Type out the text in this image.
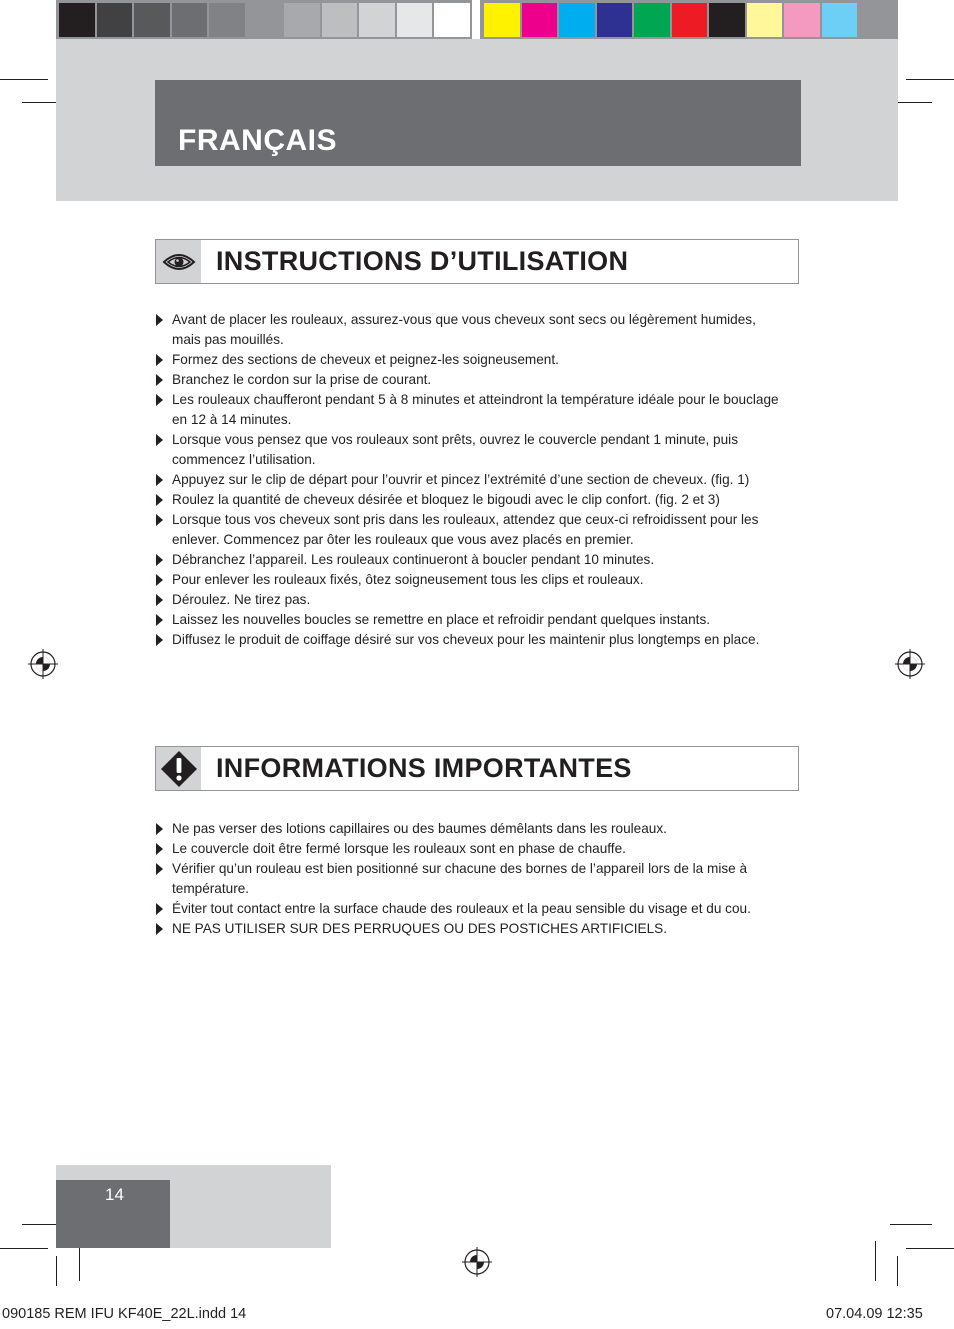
FRANÇAIS
INSTRUCTIONS D’UTILISATION
Avant de placer les rouleaux, assurez-vous que vous cheveux sont secs ou légèrement humides, mais pas mouillés.
Formez des sections de cheveux et peignez-les soigneusement.
Branchez le cordon sur la prise de courant.
Les rouleaux chaufferont pendant 5 à 8 minutes et atteindront la température idéale pour le bouclage en 12 à 14 minutes.
Lorsque vous pensez que vos rouleaux sont prêts, ouvrez le couvercle pendant 1 minute, puis commencez l’utilisation.
Appuyez sur le clip de départ pour l’ouvrir et pincez l’extrémité d’une section de cheveux. (fig. 1)
Roulez la quantité de cheveux désirée et bloquez le bigoudi avec le clip confort. (fig. 2 et 3)
Lorsque tous vos cheveux sont pris dans les rouleaux, attendez que ceux-ci refroidissent pour les enlever. Commencez par ôter les rouleaux que vous avez placés en premier.
Débranchez l’appareil. Les rouleaux continueront à boucler pendant 10 minutes.
Pour enlever les rouleaux fixés, ôtez soigneusement tous les clips et rouleaux.
Déroulez. Ne tirez pas.
Laissez les nouvelles boucles se remettre en place et refroidir pendant quelques instants.
Diffusez le produit de coiffage désiré sur vos cheveux pour les maintenir plus longtemps en place.
INFORMATIONS IMPORTANTES
Ne pas verser des lotions capillaires ou des baumes démêlants dans les rouleaux.
Le couvercle doit être fermé lorsque les rouleaux sont en phase de chauffe.
Vérifier qu’un rouleau est bien positionné sur chacune des bornes de l’appareil lors de la mise à température.
Éviter tout contact entre la surface chaude des rouleaux et la peau sensible du visage et du cou.
NE PAS UTILISER SUR DES PERRUQUES OU DES POSTICHES ARTIFICIELS.
14
090185 REM IFU KF40E_22L.indd 14	07.04.09 12:35
